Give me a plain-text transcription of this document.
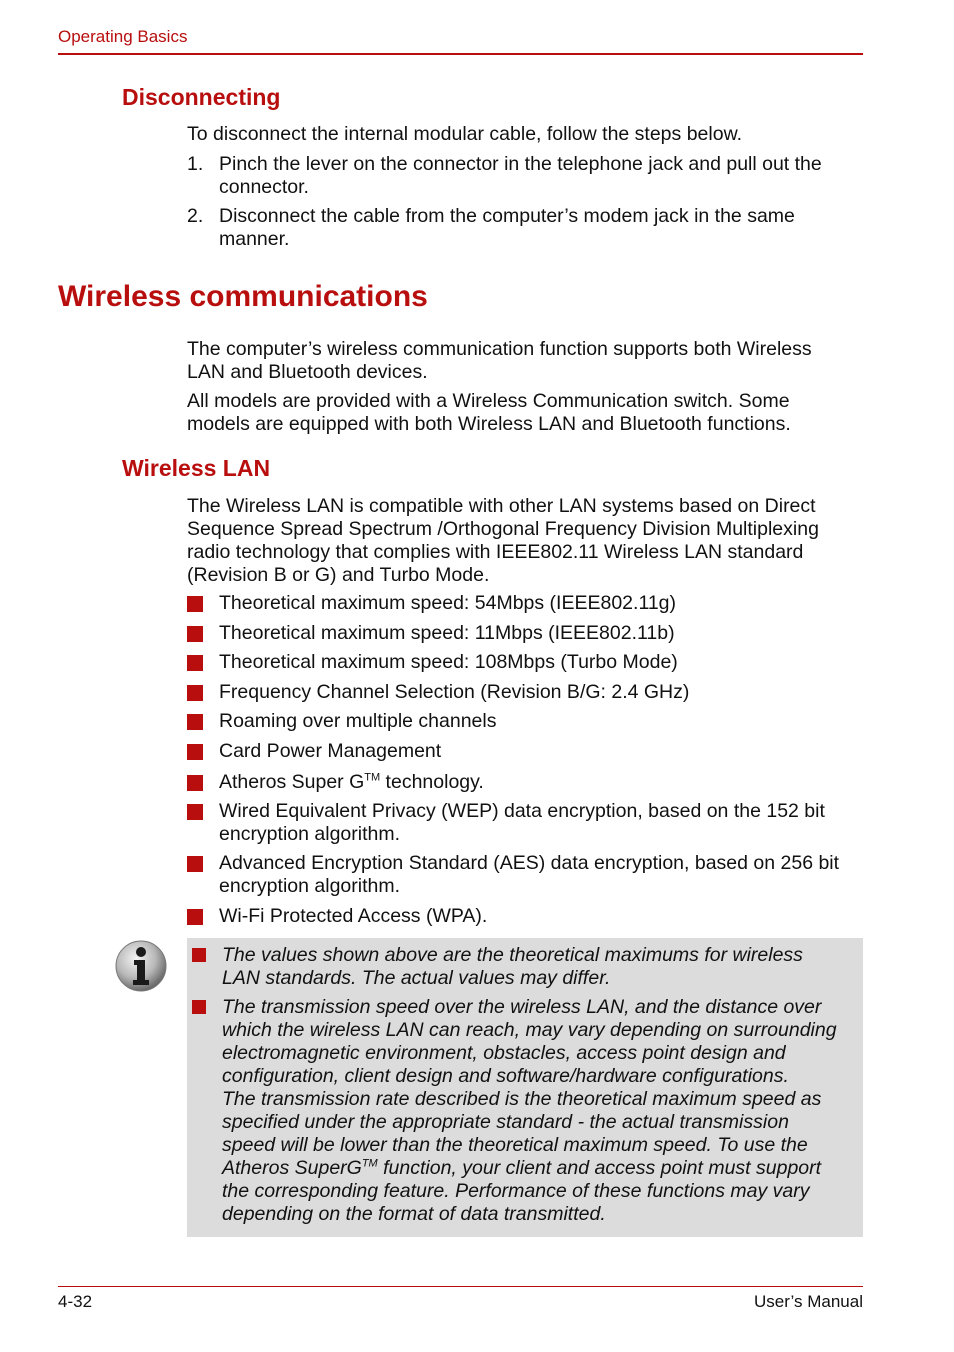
Operating Basics
Disconnecting
To disconnect the internal modular cable, follow the steps below.
1. Pinch the lever on the connector in the telephone jack and pull out the
connector.
2. Disconnect the cable from the computer’s modem jack in the same
manner.
Wireless communications
The computer’s wireless communication function supports both Wireless
LAN and Bluetooth devices.
All models are provided with a Wireless Communication switch. Some
models are equipped with both Wireless LAN and Bluetooth functions.
Wireless LAN
The Wireless LAN is compatible with other LAN systems based on Direct
Sequence Spread Spectrum /Orthogonal Frequency Division Multiplexing
radio technology that complies with IEEE802.11 Wireless LAN standard
(Revision B or G) and Turbo Mode.
Theoretical maximum speed: 54Mbps (IEEE802.11g)
Theoretical maximum speed: 11Mbps (IEEE802.11b)
Theoretical maximum speed: 108Mbps (Turbo Mode)
Frequency Channel Selection (Revision B/G: 2.4 GHz)
Roaming over multiple channels
Card Power Management
Atheros Super G™ technology.
Wired Equivalent Privacy (WEP) data encryption, based on the 152 bit
encryption algorithm.
Advanced Encryption Standard (AES) data encryption, based on 256 bit
encryption algorithm.
Wi-Fi Protected Access (WPA).
The values shown above are the theoretical maximums for wireless
LAN standards. The actual values may differ.
The transmission speed over the wireless LAN, and the distance over
which the wireless LAN can reach, may vary depending on surrounding
electromagnetic environment, obstacles, access point design and
configuration, client design and software/hardware configurations.
The transmission rate described is the theoretical maximum speed as
specified under the appropriate standard - the actual transmission
speed will be lower than the theoretical maximum speed. To use the
Atheros SuperG™ function, your client and access point must support
the corresponding feature. Performance of these functions may vary
depending on the format of data transmitted.
4-32	User’s Manual
